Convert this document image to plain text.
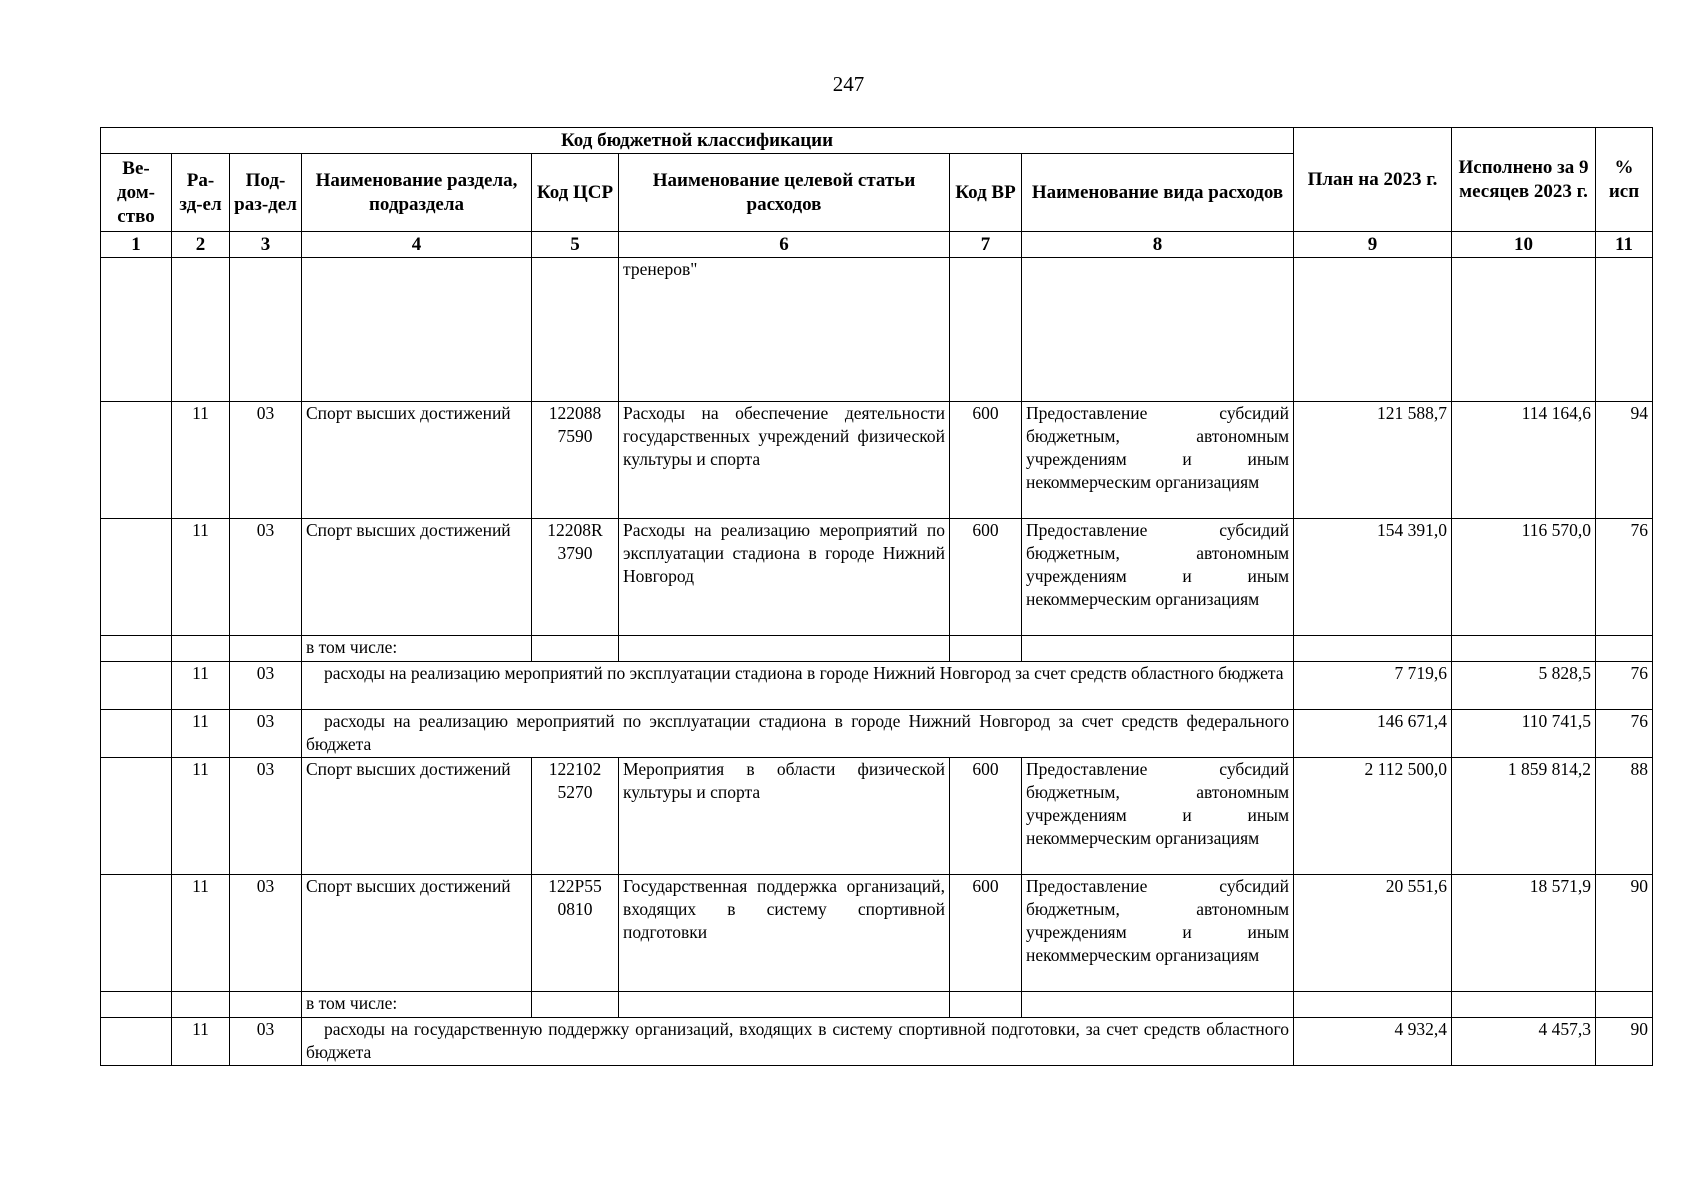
247
Код бюджетной классификации								План на 2023 г.	Исполнено за 9 месяцев 2023 г.	% исп
Ве-дом-ство	Ра-зд-ел	Под-раз-дел	Наименование раздела, подраздела	Код ЦСР	Наименование целевой статьи расходов	Код ВР	Наименование вида расходов			
1	2	3	4	5	6	7	8	9	10	11
					тренеров"					
	11	03	Спорт высших достижений	122088 7590	Расходы на обеспечение деятельности государственных учреждений физической культуры и спорта	600	Предоставление субсидий бюджетным, автономным учреждениям и иным некоммерческим организациям	121 588,7	114 164,6	94
	11	03	Спорт высших достижений	12208R 3790	Расходы на реализацию мероприятий по эксплуатации стадиона в городе Нижний Новгород	600	Предоставление субсидий бюджетным, автономным учреждениям и иным некоммерческим организациям	154 391,0	116 570,0	76
			в том числе:							
	11	03	расходы на реализацию мероприятий по эксплуатации стадиона в городе Нижний Новгород за счет средств областного бюджета					7 719,6	5 828,5	76
	11	03	расходы на реализацию мероприятий по эксплуатации стадиона в городе Нижний Новгород за счет средств федерального бюджета					146 671,4	110 741,5	76
	11	03	Спорт высших достижений	122102 5270	Мероприятия в области физической культуры и спорта	600	Предоставление субсидий бюджетным, автономным учреждениям и иным некоммерческим организациям	2 112 500,0	1 859 814,2	88
	11	03	Спорт высших достижений	122Р55 0810	Государственная поддержка организаций, входящих в систему спортивной подготовки	600	Предоставление субсидий бюджетным, автономным учреждениям и иным некоммерческим организациям	20 551,6	18 571,9	90
			в том числе:							
	11	03	расходы на государственную поддержку организаций, входящих в систему спортивной подготовки, за счет средств областного бюджета					4 932,4	4 457,3	90
